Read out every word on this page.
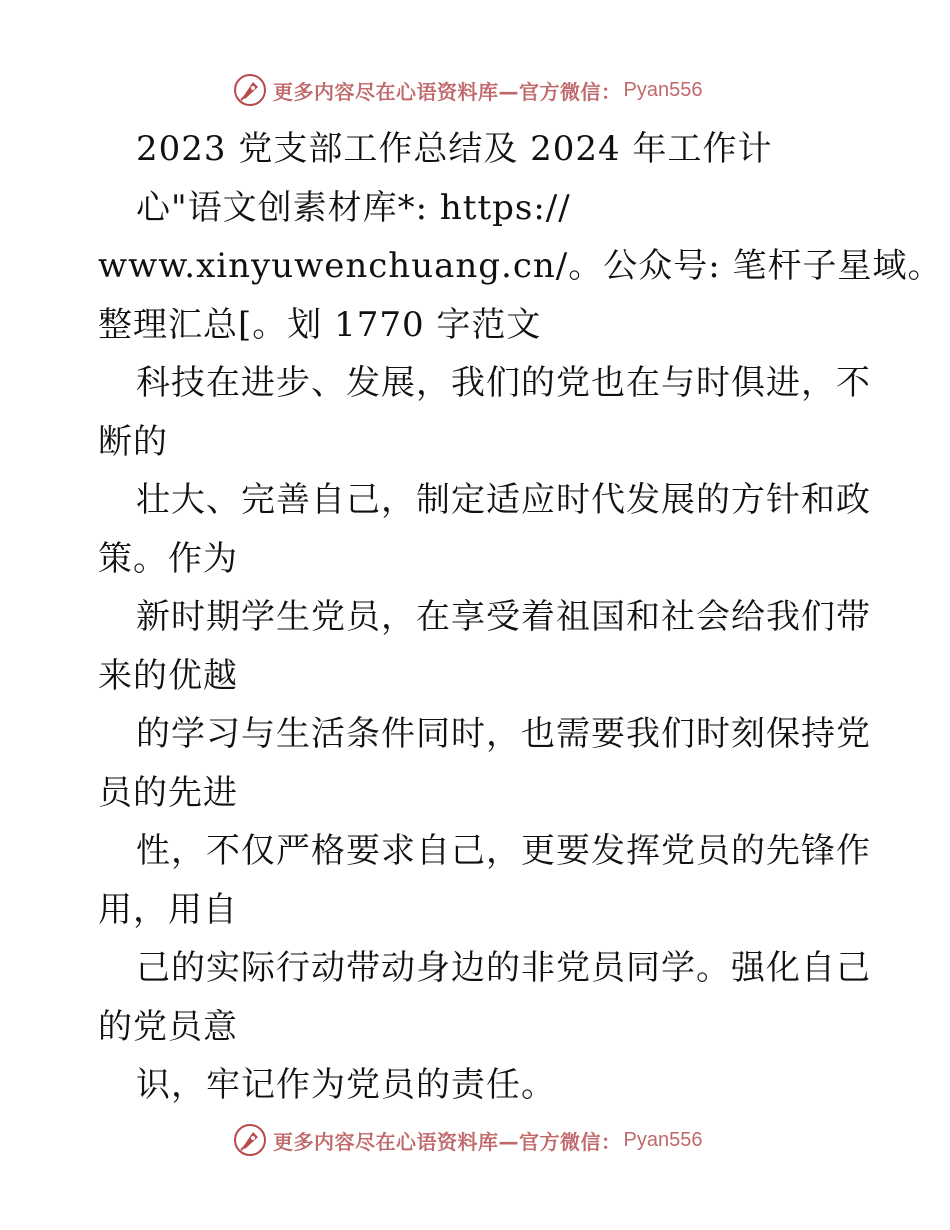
更多内容尽在心语资料库—官方微信： Pyan556
2023 党支部工作总结及 2024 年工作计
心"语文创素材库*: https://
www.xinyuwenchuang.cn/。公众号: 笔杆子星域。
整理汇总[。划 1770 字范文
科技在进步、发展，我们的党也在与时俱进，不
断的
壮大、完善自己，制定适应时代发展的方针和政
策。作为
新时期学生党员，在享受着祖国和社会给我们带
来的优越
的学习与生活条件同时，也需要我们时刻保持党
员的先进
性，不仅严格要求自己，更要发挥党员的先锋作
用，用自
己的实际行动带动身边的非党员同学。强化自己
的党员意
识，牢记作为党员的责任。
更多内容尽在心语资料库—官方微信： Pyan556
